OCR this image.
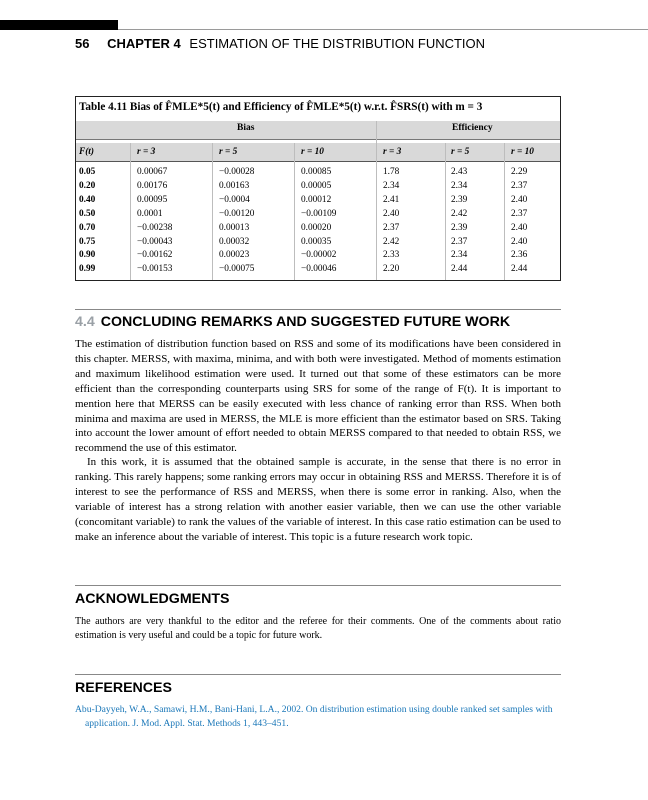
56 CHAPTER 4 ESTIMATION OF THE DISTRIBUTION FUNCTION
Table 4.11 Bias of F̂MLE*5(t) and Efficiency of F̂MLE*5(t) w.r.t. F̂SRS(t) with m = 3
Bias	Efficiency
F(t)	r = 3	r = 5	r = 10	r = 3	r = 5	r = 10
0.05	0.00067	−0.00028	0.00085	1.78	2.43	2.29
0.20	0.00176	0.00163	0.00005	2.34	2.34	2.37
0.40	0.00095	−0.0004	0.00012	2.41	2.39	2.40
0.50	0.0001	−0.00120	−0.00109	2.40	2.42	2.37
0.70	−0.00238	0.00013	0.00020	2.37	2.39	2.40
0.75	−0.00043	0.00032	0.00035	2.42	2.37	2.40
0.90	−0.00162	0.00023	−0.00002	2.33	2.34	2.36
0.99	−0.00153	−0.00075	−0.00046	2.20	2.44	2.44
4.4 CONCLUDING REMARKS AND SUGGESTED FUTURE WORK

The estimation of distribution function based on RSS and some of its modifications have been considered in this chapter. MERSS, with maxima, minima, and with both were investigated. Method of moments estimation and maximum likelihood estimation were used. It turned out that some of these estimators can be more efficient than the corresponding counterparts using SRS for some of the range of F(t). It is important to mention here that MERSS can be easily executed with less chance of ranking error than RSS. When both minima and maxima are used in MERSS, the MLE is more efficient than the estimator based on SRS. Taking into account the lower amount of effort needed to obtain MERSS compared to that needed to obtain RSS, we recommend the use of this estimator.

In this work, it is assumed that the obtained sample is accurate, in the sense that there is no error in ranking. This rarely happens; some ranking errors may occur in obtaining RSS and MERSS. Therefore it is of interest to see the performance of RSS and MERSS, when there is some error in ranking. Also, when the variable of interest has a strong relation with another easier variable, then we can use the other variable (concomitant variable) to rank the values of the variable of interest. In this case ratio estimation can be used to make an inference about the variable of interest. This topic is a future research work topic.

ACKNOWLEDGMENTS

The authors are very thankful to the editor and the referee for their comments. One of the comments about ratio estimation is very useful and could be a topic for future work.

REFERENCES

Abu-Dayyeh, W.A., Samawi, H.M., Bani-Hani, L.A., 2002. On distribution estimation using double ranked set samples with application. J. Mod. Appl. Stat. Methods 1, 443–451.
